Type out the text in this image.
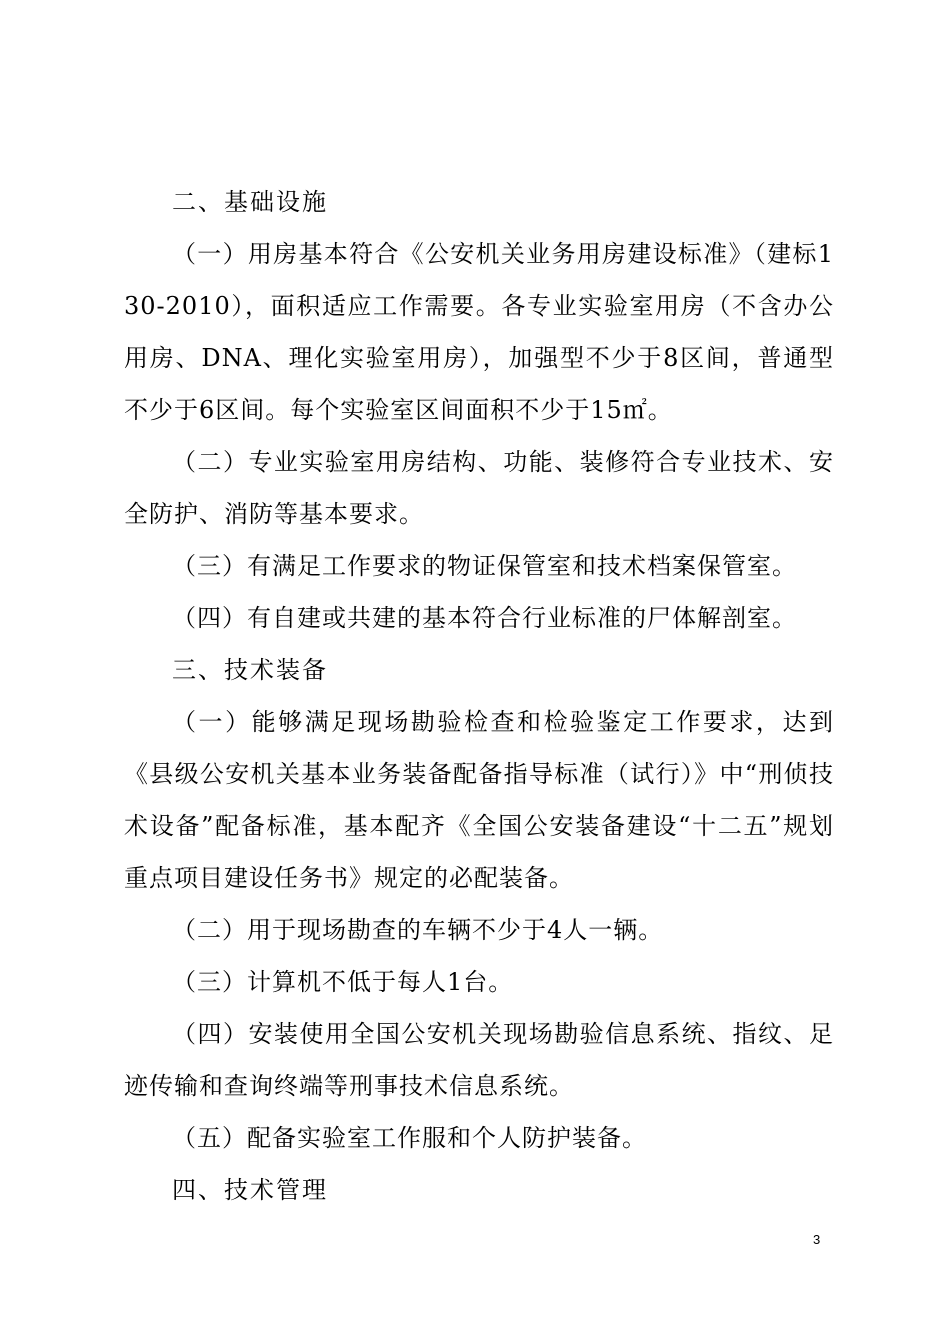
二、基础设施

（一）用房基本符合《公安机关业务用房建设标准》（建标130-2010），面积适应工作需要。各专业实验室用房（不含办公用房、DNA、理化实验室用房），加强型不少于8区间，普通型不少于6区间。每个实验室区间面积不少于15㎡。

（二）专业实验室用房结构、功能、装修符合专业技术、安全防护、消防等基本要求。

（三）有满足工作要求的物证保管室和技术档案保管室。

（四）有自建或共建的基本符合行业标准的尸体解剖室。

三、技术装备

（一）能够满足现场勘验检查和检验鉴定工作要求，达到《县级公安机关基本业务装备配备指导标准（试行）》中“刑侦技术设备”配备标准，基本配齐《全国公安装备建设“十二五”规划重点项目建设任务书》规定的必配装备。

（二）用于现场勘查的车辆不少于4人一辆。

（三）计算机不低于每人1台。

（四）安装使用全国公安机关现场勘验信息系统、指纹、足迹传输和查询终端等刑事技术信息系统。

（五）配备实验室工作服和个人防护装备。

四、技术管理

3
